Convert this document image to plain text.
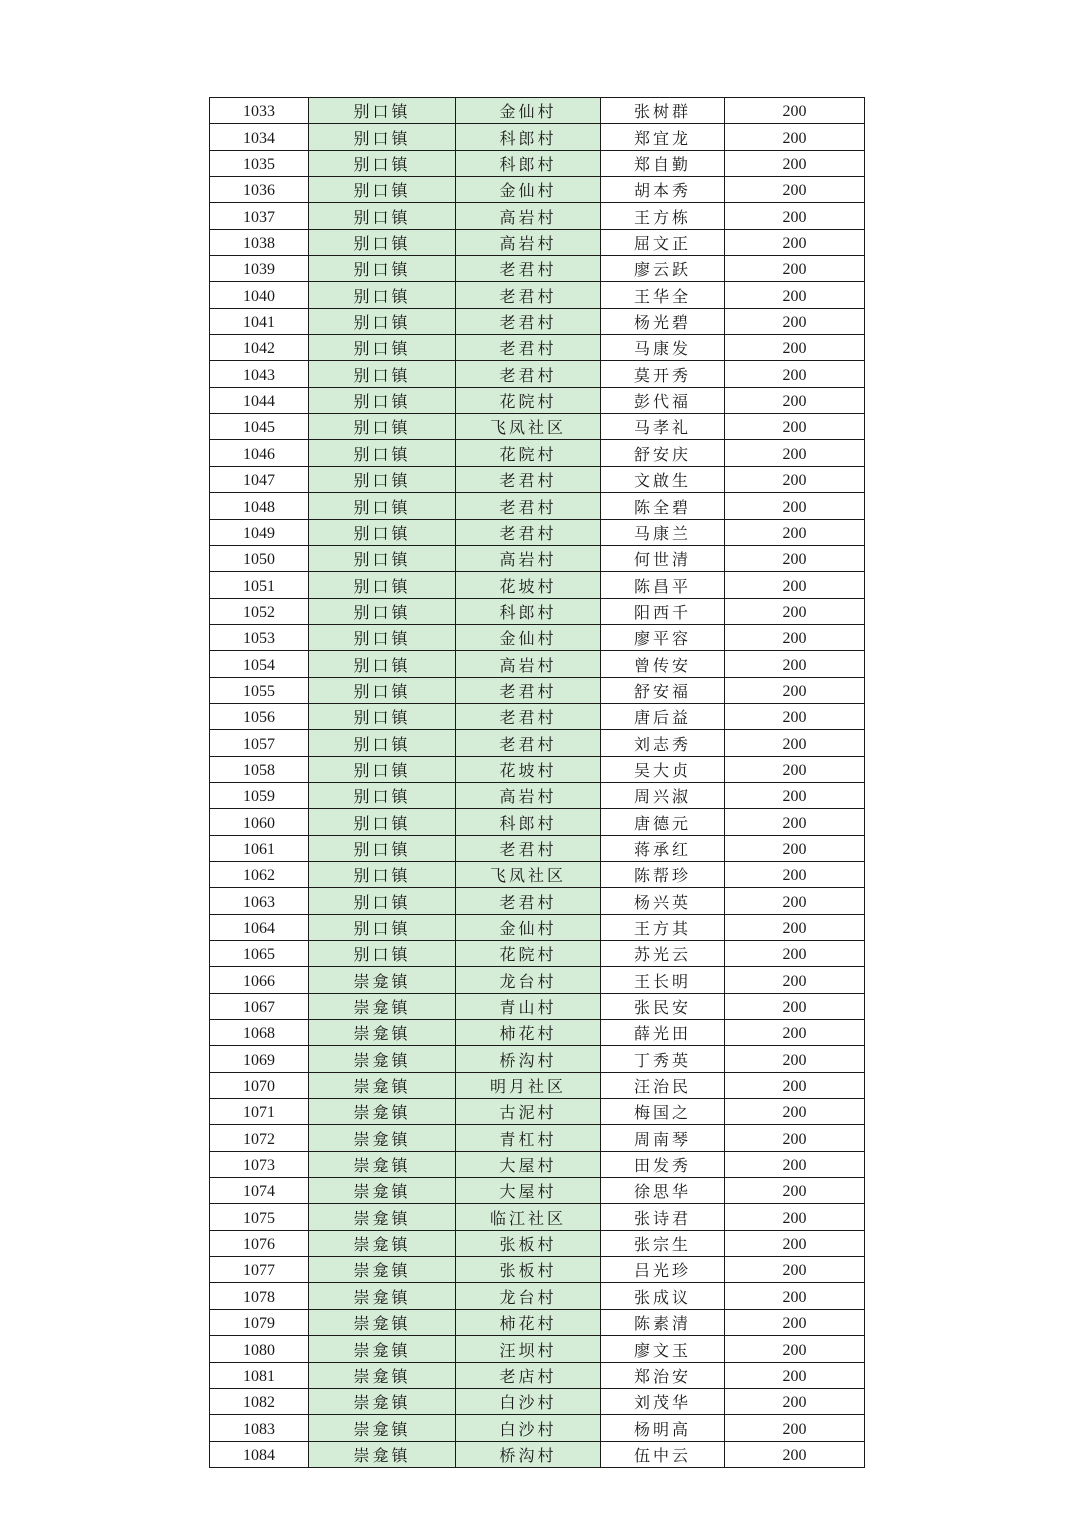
1033	别口镇	金仙村	张树群	200
1034	别口镇	科郎村	郑宜龙	200
1035	别口镇	科郎村	郑自勤	200
1036	别口镇	金仙村	胡本秀	200
1037	别口镇	高岩村	王方栋	200
1038	别口镇	高岩村	屈文正	200
1039	别口镇	老君村	廖云跃	200
1040	别口镇	老君村	王华全	200
1041	别口镇	老君村	杨光碧	200
1042	别口镇	老君村	马康发	200
1043	别口镇	老君村	莫开秀	200
1044	别口镇	花院村	彭代福	200
1045	别口镇	飞凤社区	马孝礼	200
1046	别口镇	花院村	舒安庆	200
1047	别口镇	老君村	文啟生	200
1048	别口镇	老君村	陈全碧	200
1049	别口镇	老君村	马康兰	200
1050	别口镇	高岩村	何世清	200
1051	别口镇	花坡村	陈昌平	200
1052	别口镇	科郎村	阳西千	200
1053	别口镇	金仙村	廖平容	200
1054	别口镇	高岩村	曾传安	200
1055	别口镇	老君村	舒安福	200
1056	别口镇	老君村	唐后益	200
1057	别口镇	老君村	刘志秀	200
1058	别口镇	花坡村	吴大贞	200
1059	别口镇	高岩村	周兴淑	200
1060	别口镇	科郎村	唐德元	200
1061	别口镇	老君村	蒋承红	200
1062	别口镇	飞凤社区	陈帮珍	200
1063	别口镇	老君村	杨兴英	200
1064	别口镇	金仙村	王方其	200
1065	别口镇	花院村	苏光云	200
1066	崇龛镇	龙台村	王长明	200
1067	崇龛镇	青山村	张民安	200
1068	崇龛镇	柿花村	薛光田	200
1069	崇龛镇	桥沟村	丁秀英	200
1070	崇龛镇	明月社区	汪治民	200
1071	崇龛镇	古泥村	梅国之	200
1072	崇龛镇	青杠村	周南琴	200
1073	崇龛镇	大屋村	田发秀	200
1074	崇龛镇	大屋村	徐思华	200
1075	崇龛镇	临江社区	张诗君	200
1076	崇龛镇	张板村	张宗生	200
1077	崇龛镇	张板村	吕光珍	200
1078	崇龛镇	龙台村	张成议	200
1079	崇龛镇	柿花村	陈素清	200
1080	崇龛镇	汪坝村	廖文玉	200
1081	崇龛镇	老店村	郑治安	200
1082	崇龛镇	白沙村	刘茂华	200
1083	崇龛镇	白沙村	杨明高	200
1084	崇龛镇	桥沟村	伍中云	200
